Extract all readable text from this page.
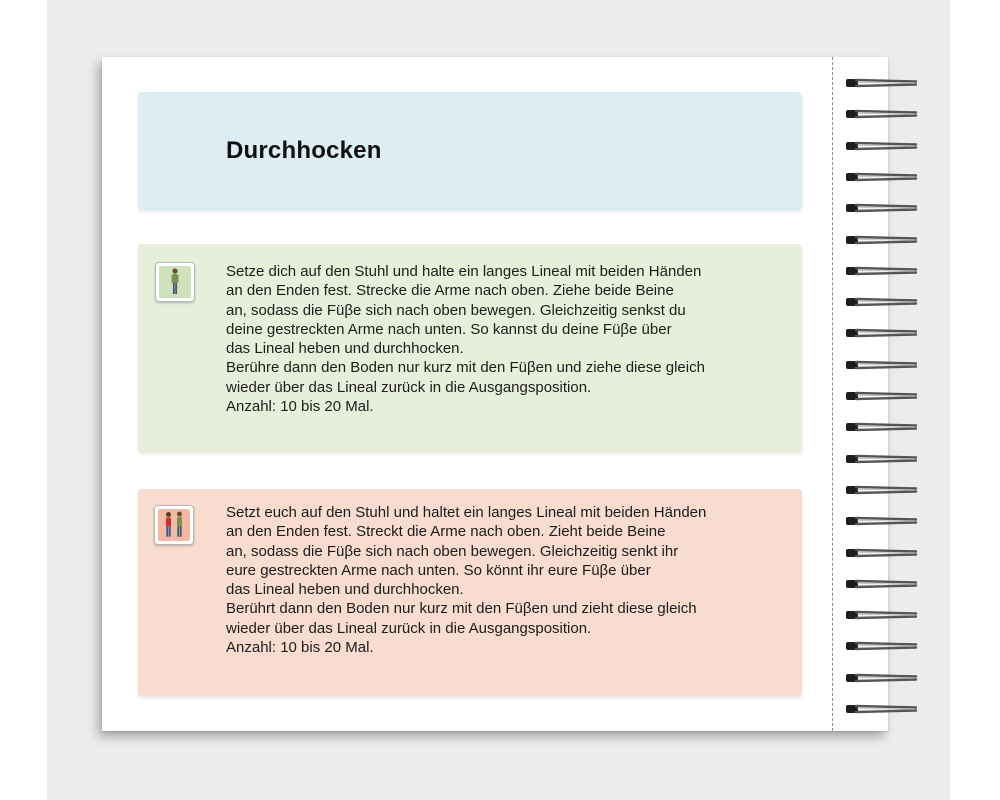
Durchhocken
Setze dich auf den Stuhl und halte ein langes Lineal mit beiden Händen
an den Enden fest. Strecke die Arme nach oben. Ziehe beide Beine
an, sodass die Füβe sich nach oben bewegen. Gleichzeitig senkst du
deine gestreckten Arme nach unten. So kannst du deine Füβe über
das Lineal heben und durchhocken.
Berühre dann den Boden nur kurz mit den Füβen und ziehe diese gleich
wieder über das Lineal zurück in die Ausgangsposition.
Anzahl: 10 bis 20 Mal.
Setzt euch auf den Stuhl und haltet ein langes Lineal mit beiden Händen
an den Enden fest. Streckt die Arme nach oben. Zieht beide Beine
an, sodass die Füβe sich nach oben bewegen. Gleichzeitig senkt ihr
eure gestreckten Arme nach unten. So könnt ihr eure Füβe über
das Lineal heben und durchhocken.
Berührt dann den Boden nur kurz mit den Füβen und zieht diese gleich
wieder über das Lineal zurück in die Ausgangsposition.
Anzahl: 10 bis 20 Mal.
